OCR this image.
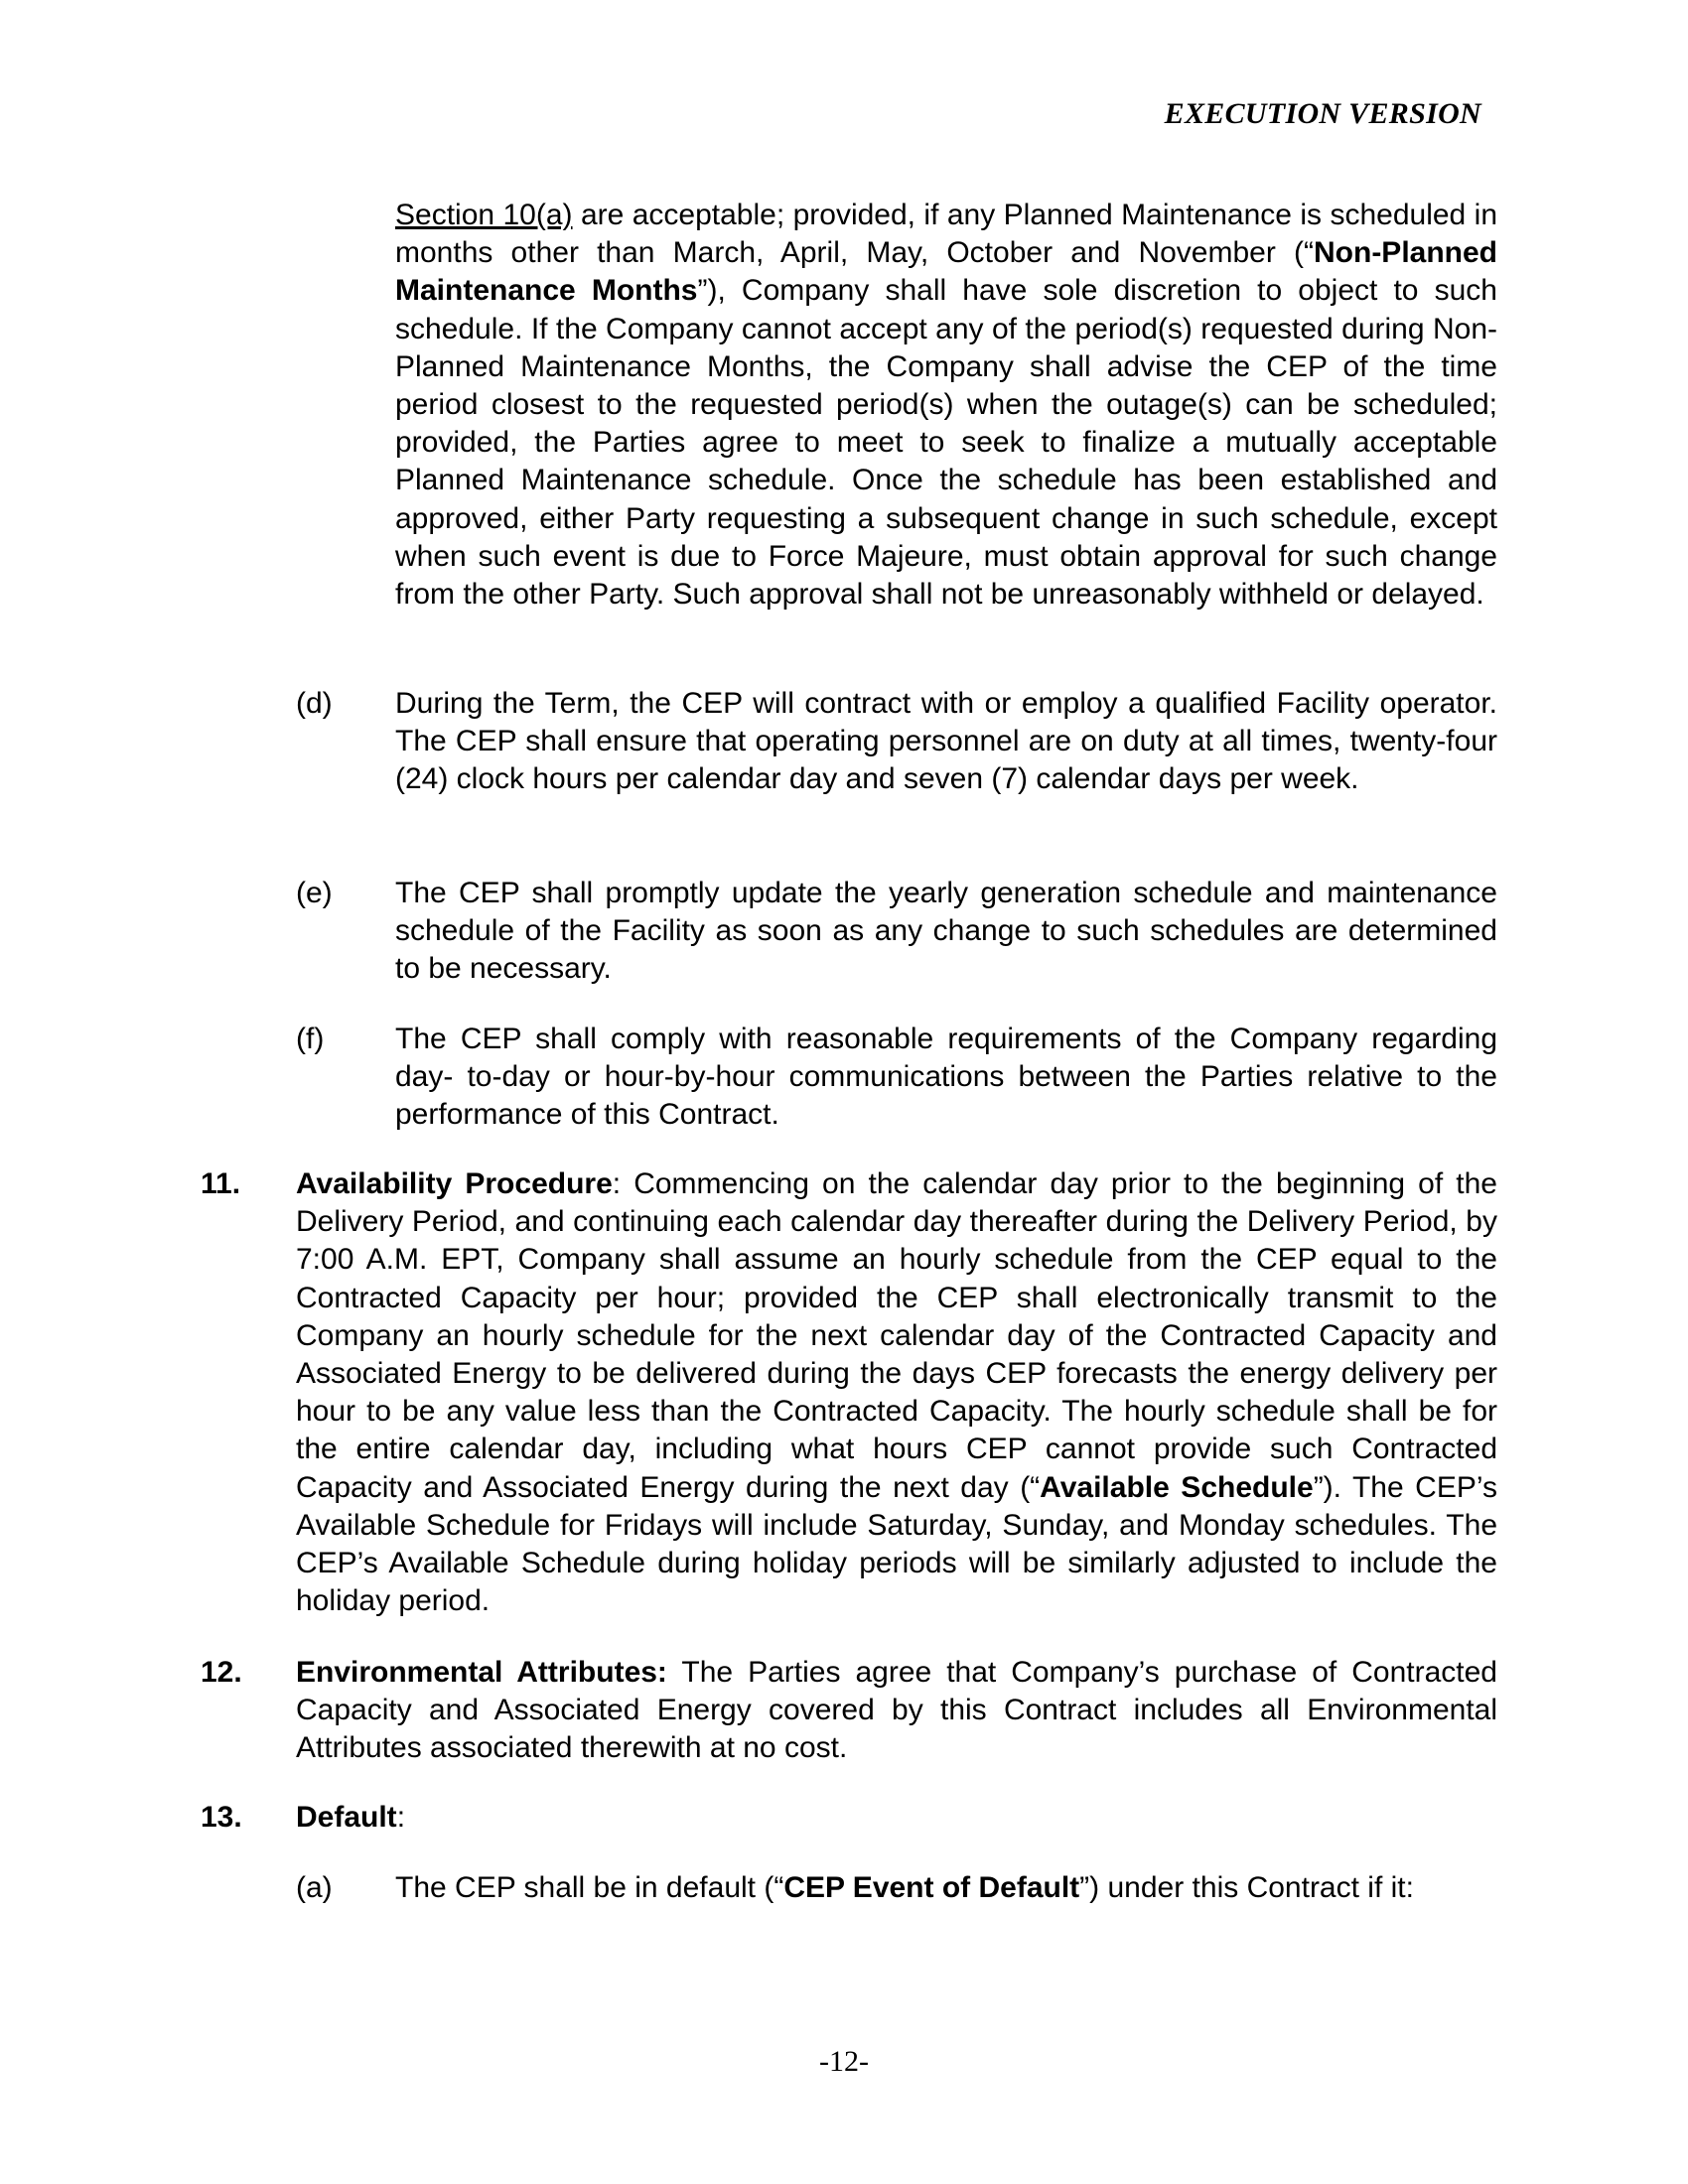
EXECUTION VERSION
Section 10(a) are acceptable; provided, if any Planned Maintenance is scheduled in months other than March, April, May, October and November (“Non-Planned Maintenance Months”), Company shall have sole discretion to object to such schedule. If the Company cannot accept any of the period(s) requested during Non-Planned Maintenance Months, the Company shall advise the CEP of the time period closest to the requested period(s) when the outage(s) can be scheduled; provided, the Parties agree to meet to seek to finalize a mutually acceptable Planned Maintenance schedule. Once the schedule has been established and approved, either Party requesting a subsequent change in such schedule, except when such event is due to Force Majeure, must obtain approval for such change from the other Party. Such approval shall not be unreasonably withheld or delayed.
(d) During the Term, the CEP will contract with or employ a qualified Facility operator. The CEP shall ensure that operating personnel are on duty at all times, twenty-four (24) clock hours per calendar day and seven (7) calendar days per week.
(e) The CEP shall promptly update the yearly generation schedule and maintenance schedule of the Facility as soon as any change to such schedules are determined to be necessary.
(f) The CEP shall comply with reasonable requirements of the Company regarding day- to-day or hour-by-hour communications between the Parties relative to the performance of this Contract.
11. Availability Procedure: Commencing on the calendar day prior to the beginning of the Delivery Period, and continuing each calendar day thereafter during the Delivery Period, by 7:00 A.M. EPT, Company shall assume an hourly schedule from the CEP equal to the Contracted Capacity per hour; provided the CEP shall electronically transmit to the Company an hourly schedule for the next calendar day of the Contracted Capacity and Associated Energy to be delivered during the days CEP forecasts the energy delivery per hour to be any value less than the Contracted Capacity. The hourly schedule shall be for the entire calendar day, including what hours CEP cannot provide such Contracted Capacity and Associated Energy during the next day (“Available Schedule”). The CEP’s Available Schedule for Fridays will include Saturday, Sunday, and Monday schedules. The CEP’s Available Schedule during holiday periods will be similarly adjusted to include the holiday period.
12. Environmental Attributes: The Parties agree that Company’s purchase of Contracted Capacity and Associated Energy covered by this Contract includes all Environmental Attributes associated therewith at no cost.
13. Default:
(a) The CEP shall be in default (“CEP Event of Default”) under this Contract if it:
-12-
